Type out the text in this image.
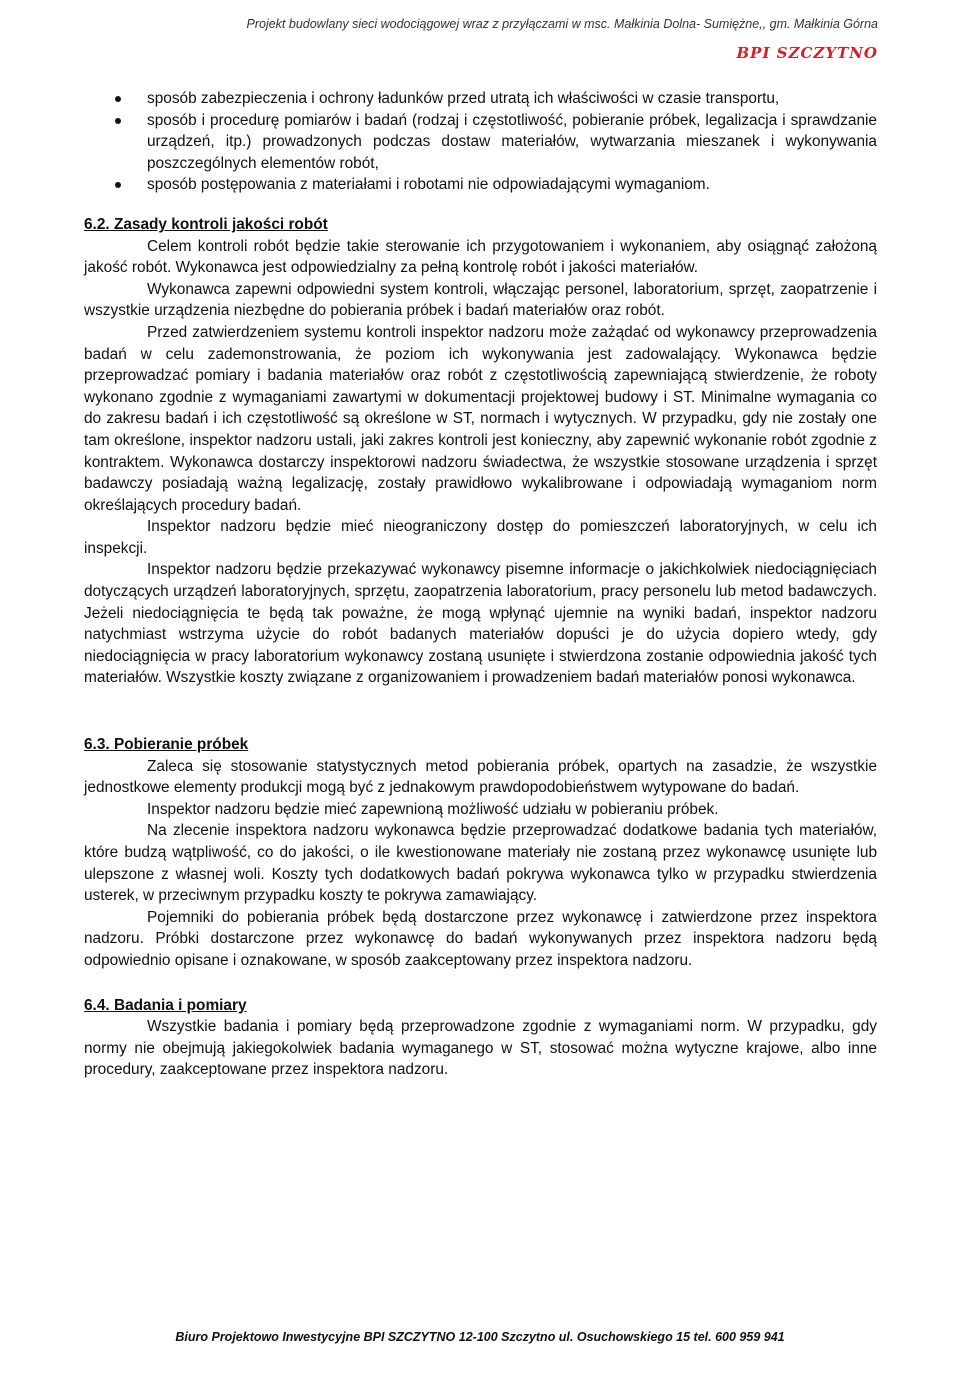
Projekt budowlany sieci wodociągowej wraz z przyłączami w msc. Małkinia Dolna- Sumiężne,, gm. Małkinia Górna
BPI SZCZYTNO
sposób zabezpieczenia i ochrony ładunków przed utratą ich właściwości w czasie transportu,
sposób i procedurę pomiarów i badań (rodzaj i częstotliwość, pobieranie próbek, legalizacja i sprawdzanie urządzeń, itp.) prowadzonych podczas dostaw materiałów, wytwarzania mieszanek i wykonywania poszczególnych elementów robót,
sposób postępowania z materiałami i robotami nie odpowiadającymi wymaganiom.
6.2. Zasady kontroli jakości robót

Celem kontroli robót będzie takie sterowanie ich przygotowaniem i wykonaniem, aby osiągnąć założoną jakość robót. Wykonawca jest odpowiedzialny za pełną kontrolę robót i jakości materiałów.

Wykonawca zapewni odpowiedni system kontroli, włączając personel, laboratorium, sprzęt, zaopatrzenie i wszystkie urządzenia niezbędne do pobierania próbek i badań materiałów oraz robót.

Przed zatwierdzeniem systemu kontroli inspektor nadzoru może zażądać od wykonawcy przeprowadzenia badań w celu zademonstrowania, że poziom ich wykonywania jest zadowalający. Wykonawca będzie przeprowadzać pomiary i badania materiałów oraz robót z częstotliwością zapewniającą stwierdzenie, że roboty wykonano zgodnie z wymaganiami zawartymi w dokumentacji projektowej budowy i ST. Minimalne wymagania co do zakresu badań i ich częstotliwość są określone w ST, normach i wytycznych. W przypadku, gdy nie zostały one tam określone, inspektor nadzoru ustali, jaki zakres kontroli jest konieczny, aby zapewnić wykonanie robót zgodnie z kontraktem. Wykonawca dostarczy inspektorowi nadzoru świadectwa, że wszystkie stosowane urządzenia i sprzęt badawczy posiadają ważną legalizację, zostały prawidłowo wykalibrowane i odpowiadają wymaganiom norm określających procedury badań.

Inspektor nadzoru będzie mieć nieograniczony dostęp do pomieszczeń laboratoryjnych, w celu ich inspekcji.

Inspektor nadzoru będzie przekazywać wykonawcy pisemne informacje o jakichkolwiek niedociągnięciach dotyczących urządzeń laboratoryjnych, sprzętu, zaopatrzenia laboratorium, pracy personelu lub metod badawczych. Jeżeli niedociągnięcia te będą tak poważne, że mogą wpłynąć ujemnie na wyniki badań, inspektor nadzoru natychmiast wstrzyma użycie do robót badanych materiałów dopuści je do użycia dopiero wtedy, gdy niedociągnięcia w pracy laboratorium wykonawcy zostaną usunięte i stwierdzona zostanie odpowiednia jakość tych materiałów. Wszystkie koszty związane z organizowaniem i prowadzeniem badań materiałów ponosi wykonawca.

6.3. Pobieranie próbek

Zaleca się stosowanie statystycznych metod pobierania próbek, opartych na zasadzie, że wszystkie jednostkowe elementy produkcji mogą być z jednakowym prawdopodobieństwem wytypowane do badań.

Inspektor nadzoru będzie mieć zapewnioną możliwość udziału w pobieraniu próbek.

Na zlecenie inspektora nadzoru wykonawca będzie przeprowadzać dodatkowe badania tych materiałów, które budzą wątpliwość, co do jakości, o ile kwestionowane materiały nie zostaną przez wykonawcę usunięte lub ulepszone z własnej woli. Koszty tych dodatkowych badań pokrywa wykonawca tylko w przypadku stwierdzenia usterek, w przeciwnym przypadku koszty te pokrywa zamawiający.

Pojemniki do pobierania próbek będą dostarczone przez wykonawcę i zatwierdzone przez inspektora nadzoru. Próbki dostarczone przez wykonawcę do badań wykonywanych przez inspektora nadzoru będą odpowiednio opisane i oznakowane, w sposób zaakceptowany przez inspektora nadzoru.

6.4. Badania i pomiary

Wszystkie badania i pomiary będą przeprowadzone zgodnie z wymaganiami norm. W przypadku, gdy normy nie obejmują jakiegokolwiek badania wymaganego w ST, stosować można wytyczne krajowe, albo inne procedury, zaakceptowane przez inspektora nadzoru.

Biuro Projektowo Inwestycyjne BPI SZCZYTNO 12-100 Szczytno ul. Osuchowskiego 15 tel. 600 959 941
